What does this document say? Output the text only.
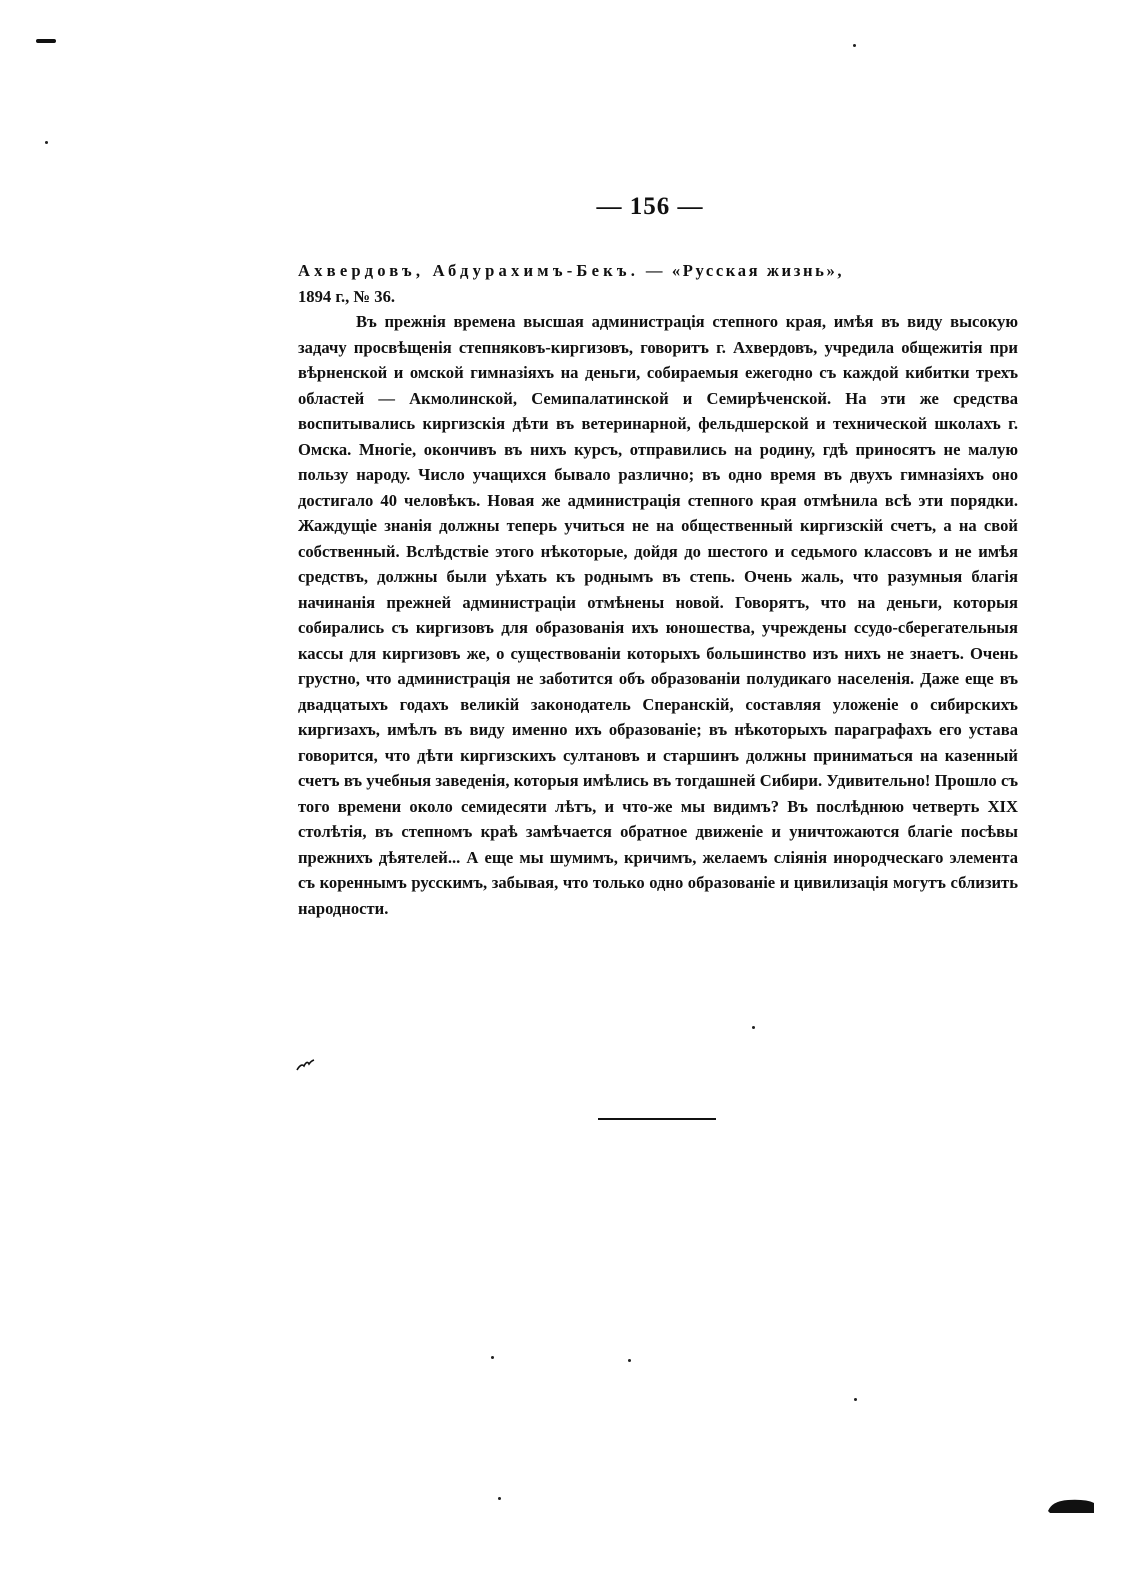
— 156 —

Ахвердовъ, Абдурахимъ-Бекъ. — «Русская жизнь»,
1894 г., № 36.

Въ прежнія времена высшая администрація степного края, имѣя въ виду высокую задачу просвѣщенія степняковъ-киргизовъ, говоритъ г. Ахвердовъ, учредила общежитія при вѣрненской и омской гимназіяхъ на деньги, собираемыя ежегодно съ каждой кибитки трехъ областей — Акмолинской, Семипалатинской и Семирѣченской. На эти же средства воспитывались киргизскія дѣти въ ветеринарной, фельдшерской и технической школахъ г. Омска. Многіе, окончивъ въ нихъ курсъ, отправились на родину, гдѣ приносятъ не малую пользу народу. Число учащихся бывало различно; въ одно время въ двухъ гимназіяхъ оно достигало 40 человѣкъ. Новая же администрація степного края отмѣнила всѣ эти порядки. Жаждущіе знанія должны теперь учиться не на общественный киргизскій счетъ, а на свой собственный. Вслѣдствіе этого нѣкоторые, дойдя до шестого и седьмого классовъ и не имѣя средствъ, должны были уѣхать къ роднымъ въ степь. Очень жаль, что разумныя благія начинанія прежней администраціи отмѣнены новой. Говорятъ, что на деньги, которыя собирались съ киргизовъ для образованія ихъ юношества, учреждены ссудо-сберегательныя кассы для киргизовъ же, о существованіи которыхъ большинство изъ нихъ не знаетъ. Очень грустно, что администрація не заботится объ образованіи полудикаго населенія. Даже еще въ двадцатыхъ годахъ великій законодатель Сперанскій, составляя уложеніе о сибирскихъ киргизахъ, имѣлъ въ виду именно ихъ образованіе; въ нѣкоторыхъ параграфахъ его устава говорится, что дѣти киргизскихъ султановъ и старшинъ должны приниматься на казенный счетъ въ учебныя заведенія, которыя имѣлись въ тогдашней Сибири. Удивительно! Прошло съ того времени около семидесяти лѣтъ, и что-же мы видимъ? Въ послѣднюю четверть XIX столѣтія, въ степномъ краѣ замѣчается обратное движеніе и уничтожаются благіе посѣвы прежнихъ дѣятелей... А еще мы шумимъ, кричимъ, желаемъ слiянія инородческаго элемента съ кореннымъ русскимъ, забывая, что только одно образованіе и цивилизація могутъ сблизить народности.
